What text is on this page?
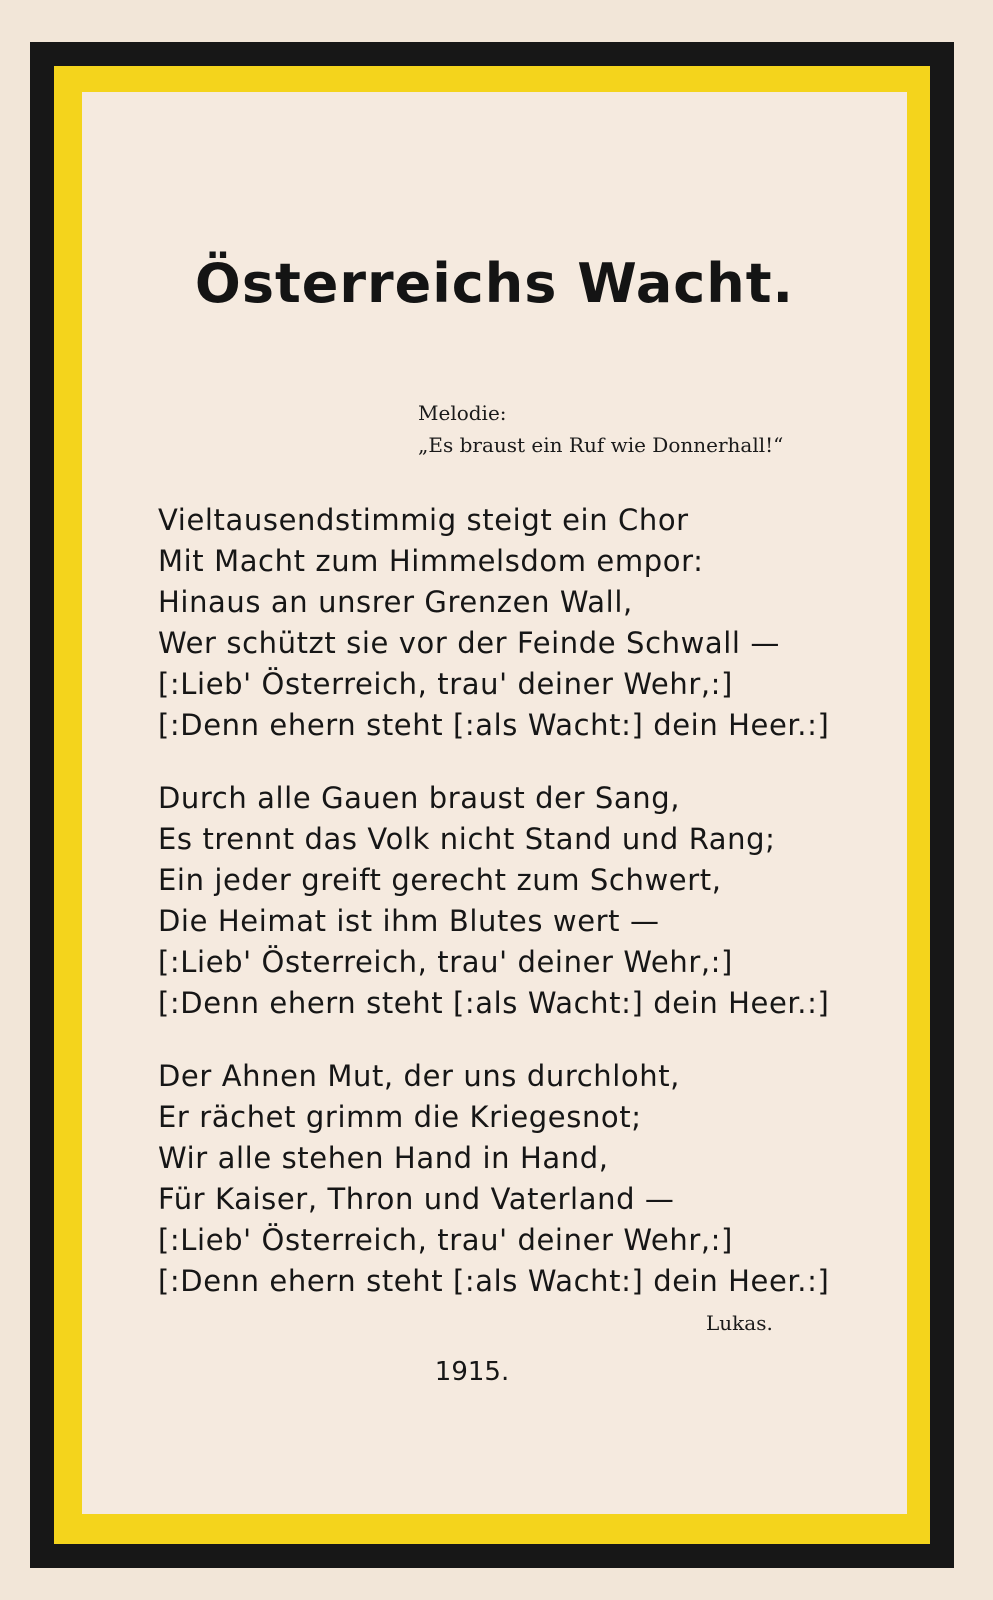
Österreichs Wacht.
Melodie:
„Es braust ein Ruf wie Donnerhall!“
Vieltausendstimmig steigt ein Chor
Mit Macht zum Himmelsdom empor:
Hinaus an unsrer Grenzen Wall,
Wer schützt sie vor der Feinde Schwall —
[:Lieb' Österreich, trau' deiner Wehr,:]
[:Denn ehern steht [:als Wacht:] dein Heer.:]
Durch alle Gauen braust der Sang,
Es trennt das Volk nicht Stand und Rang;
Ein jeder greift gerecht zum Schwert,
Die Heimat ist ihm Blutes wert —
[:Lieb' Österreich, trau' deiner Wehr,:]
[:Denn ehern steht [:als Wacht:] dein Heer.:]
Der Ahnen Mut, der uns durchloht,
Er rächet grimm die Kriegesnot;
Wir alle stehen Hand in Hand,
Für Kaiser, Thron und Vaterland —
[:Lieb' Österreich, trau' deiner Wehr,:]
[:Denn ehern steht [:als Wacht:] dein Heer.:]
Lukas.
1915.
